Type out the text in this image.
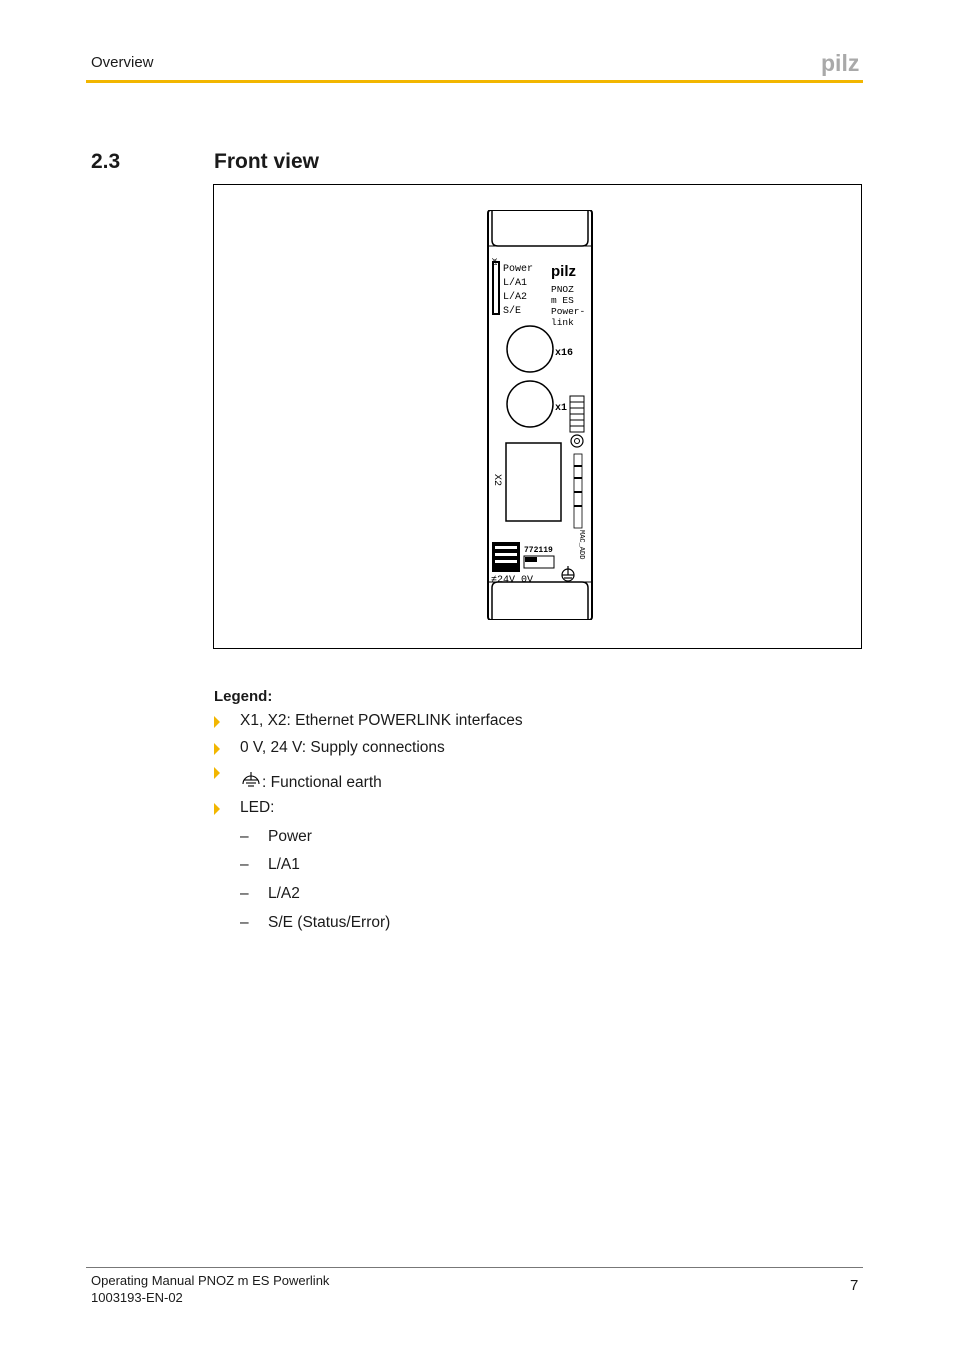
Overview	pilz
2.3	Front view
X1
Power
L/A1
L/A2
S/E
pilz
PNOZ
m ES
Power-
link
x16
x1
X2
772119
≠24V 0V
MAC_ADD
Legend:
X1, X2: Ethernet POWERLINK interfaces
0 V, 24 V: Supply connections
: Functional earth
LED:
– Power
– L/A1
– L/A2
– S/E (Status/Error)
Operating Manual PNOZ m ES Powerlink
1003193-EN-02
7
